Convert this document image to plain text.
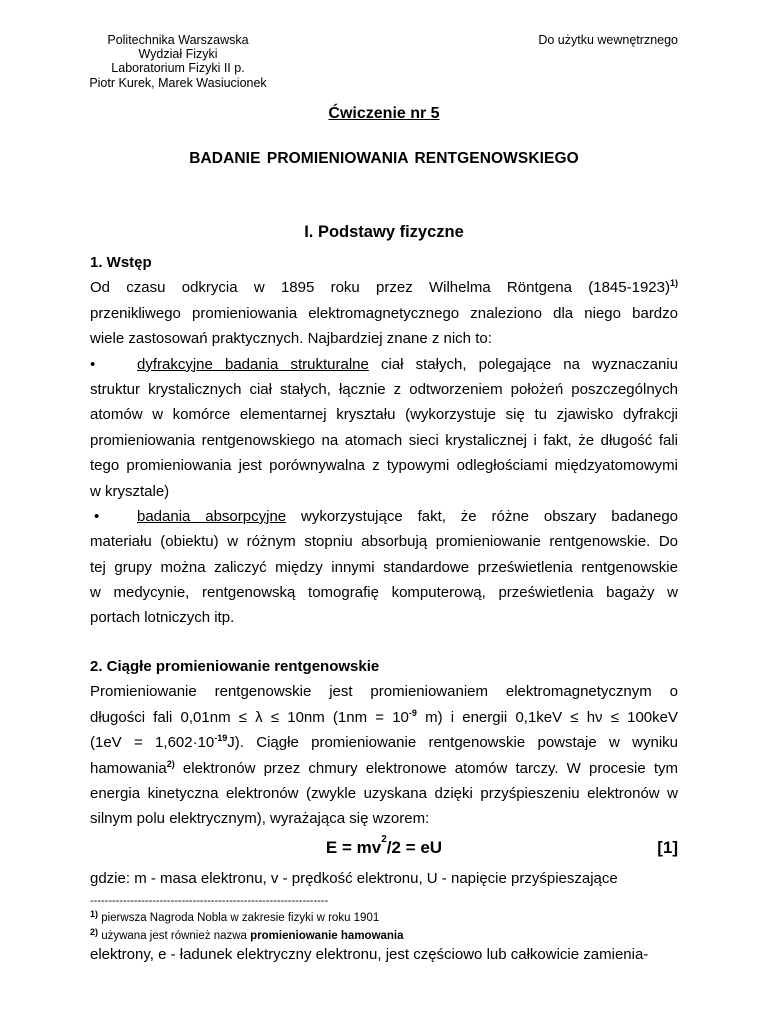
Politechnika Warszawska
Wydział Fizyki
Laboratorium Fizyki II p.
Piotr Kurek, Marek Wasiucionek
Do użytku wewnętrznego
Ćwiczenie nr 5
BADANIE PROMIENIOWANIA RENTGENOWSKIEGO
I. Podstawy fizyczne
1. Wstęp
Od czasu odkrycia w 1895 roku przez Wilhelma Röntgena (1845-1923)$^{1)}$
przenikliwego promieniowania elektromagnetycznego znaleziono dla niego bardzo
wiele zastosowań praktycznych. Najbardziej znane z nich to:
•	dyfrakcyjne badania strukturalne ciał stałych, polegające na wyznaczaniu
struktur krystalicznych ciał stałych, łącznie z odtworzeniem położeń poszczególnych
atomów w komórce elementarnej kryształu (wykorzystuje się tu zjawisko dyfrakcji
promieniowania rentgenowskiego na atomach sieci krystalicznej i fakt, że długość fali
tego promieniowania jest porównywalna z typowymi odległościami międzyatomowymi
w krysztale)
•	badania absorpcyjne wykorzystujące fakt, że różne obszary badanego
materiału (obiektu) w różnym stopniu absorbują promieniowanie rentgenowskie. Do
tej grupy można zaliczyć między innymi standardowe prześwietlenia rentgenowskie
w medycynie, rentgenowską tomografię komputerową, prześwietlenia bagaży w
portach lotniczych itp.
2. Ciągłe promieniowanie rentgenowskie
Promieniowanie rentgenowskie jest promieniowaniem elektromagnetycznym o
długości fali 0,01nm ≤ λ ≤ 10nm ($1nm = 10^{-9}$ m) i energii 0,1keV ≤ hν ≤ 100keV
$(1eV = 1,602\cdot 10^{-19}J)$. Ciągłe promieniowanie rentgenowskie powstaje w wyniku
hamowania$^{2)}$ elektronów przez chmury elektronowe atomów tarczy. W procesie tym
energia kinetyczna elektronów (zwykle uzyskana dzięki przyśpieszeniu elektronów w
silnym polu elektrycznym), wyrażająca się wzorem:
$E = mv^2/2$ = eU	[1]
gdzie: m - masa elektronu, v - prędkość elektronu, U - napięcie przyśpieszające
-----------------------------------------------------------------
$^{1)}$ pierwsza Nagroda Nobla w zakresie fizyki w roku 1901
$^{2)}$ używana jest również nazwa promieniowanie hamowania
elektrony, e - ładunek elektryczny elektronu, jest częściowo lub całkowicie zamienia-
